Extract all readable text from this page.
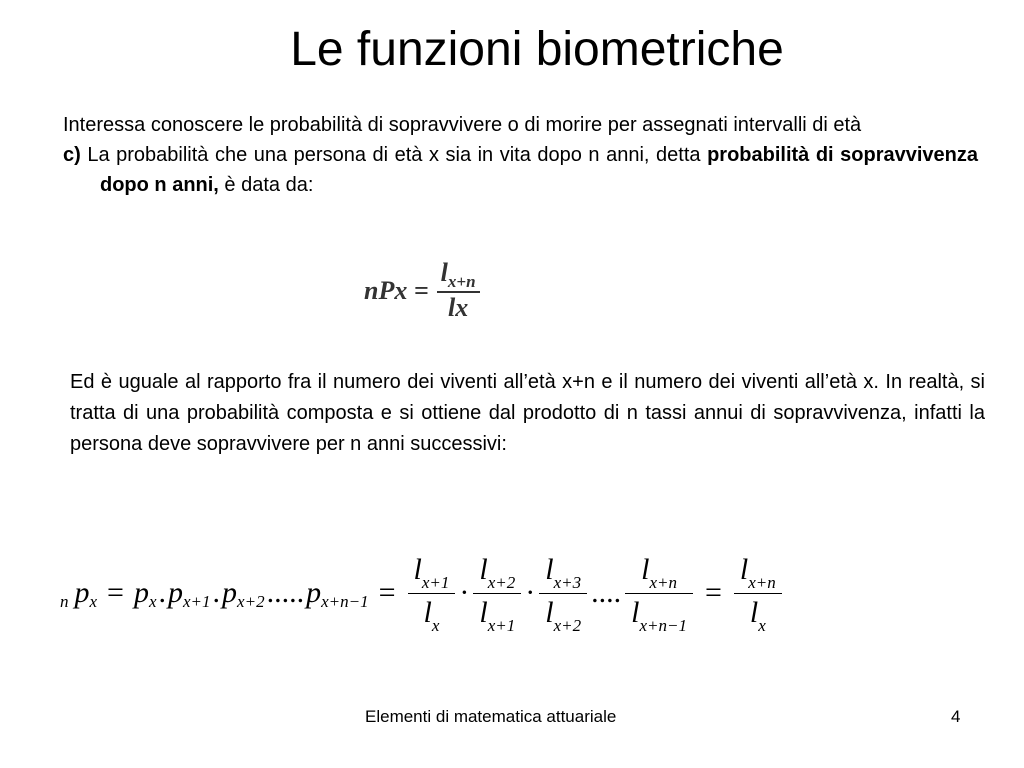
Le funzioni biometriche
Interessa conoscere le probabilità di sopravvivere o di morire per assegnati intervalli di età
c) La probabilità che una persona di età x sia in vita dopo n anni, detta probabilità di sopravvivenza dopo n anni, è data da:
nPx = $\frac{l_{x+n}}{lx}$
Ed è uguale al rapporto fra il numero dei viventi all’età x+n e il numero dei viventi all’età x. In realtà, si tratta di una probabilità composta e si ottiene dal prodotto di n tassi annui di sopravvivenza, infatti la persona deve sopravvivere per n anni successivi:
n p x = p x . p x+1 . p x+2 ..... p $x+n-1 = \frac{l_{x+1}}{l_x} \cdot \frac{l_{x+2}}{l_{x+1}} \cdot \frac{l_{x+3}}{l_{x+2}}$ .... $\frac{l_{x+n}}{l_{x+n-1}} = \frac{l_{x+n}}{l_x}$
Elementi di matematica attuariale	4
